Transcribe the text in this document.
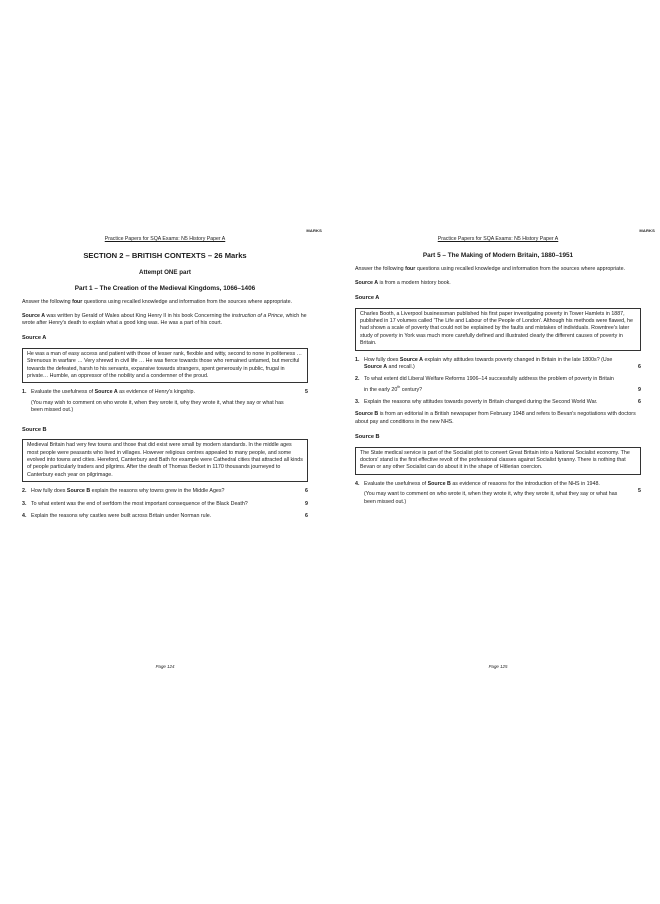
MARKS
Practice Papers for SQA Exams: N5 History Paper A
SECTION 2 – BRITISH CONTEXTS – 26 Marks
Attempt ONE part
Part 1 – The Creation of the Medieval Kingdoms, 1066–1406

Answer the following four questions using recalled knowledge and information from the sources where appropriate.

Source A was written by Gerald of Wales about King Henry II in his book Concerning the instruction of a Prince, which he wrote after Henry's death to explain what a good king was. He was a part of his court.

Source A
He was a man of easy access and patient with those of lesser rank, flexible and witty, second to none in politeness … Strenuous in warfare … Very shrewd in civil life … He was fierce towards those who remained untamed, but merciful towards the defeated, harsh to his servants, expansive towards strangers, spent generously in public, frugal in private… Humble, an oppressor of the nobility and a condemner of the proud.
1. Evaluate the usefulness of Source A as evidence of Henry's kingship.
(You may wish to comment on who wrote it, when they wrote it, why they wrote it, what they say or what has been missed out.)
5
Source B
Medieval Britain had very few towns and those that did exist were small by modern standards. In the middle ages most people were peasants who lived in villages. However religious centres appealed to many people, and some evolved into towns and cities. Hereford, Canterbury and Bath for example were Cathedral cities that attracted all kinds of people particularly traders and pilgrims. After the death of Thomas Becket in 1170 thousands journeyed to Canterbury each year on pilgrimage.
2. How fully does Source B explain the reasons why towns grew in the Middle Ages?	6
3. To what extent was the end of serfdom the most important consequence of the Black Death?	9
4. Explain the reasons why castles were built across Britain under Norman rule.	6
Page 124
MARKS
Practice Papers for SQA Exams: N5 History Paper A
Part 5 – The Making of Modern Britain, 1880–1951

Answer the following four questions using recalled knowledge and information from the sources where appropriate.

Source A is from a modern history book.

Source A
Charles Booth, a Liverpool businessman published his first paper investigating poverty in Tower Hamlets in 1887, published in 17 volumes called 'The Life and Labour of the People of London'. Although his methods were flawed, he had shown a scale of poverty that could not be explained by the faults and mistakes of individuals. Rowntree's later study of poverty in York was much more carefully defined and illustrated clearly the different causes of poverty in Britain.
1. How fully does Source A explain why attitudes towards poverty changed in Britain in the late 1800s? (Use Source A and recall.)	6
2. To what extent did Liberal Welfare Reforms 1906–14 successfully address the problem of poverty in Britain in the early 20th century?	9
3. Explain the reasons why attitudes towards poverty in Britain changed during the Second World War.	6

Source B is from an editorial in a British newspaper from February 1948 and refers to Bevan's negotiations with doctors about pay and conditions in the new NHS.

Source B
The State medical service is part of the Socialist plot to convert Great Britain into a National Socialist economy. The doctors' stand is the first effective revolt of the professional classes against Socialist tyranny. There is nothing that Bevan or any other Socialist can do about it in the shape of Hitlerian coercion.
4. Evaluate the usefulness of Source B as evidence of reasons for the introduction of the NHS in 1948.
(You may want to comment on who wrote it, when they wrote it, why they wrote it, what they say or what has been missed out.)
5
Page 125
